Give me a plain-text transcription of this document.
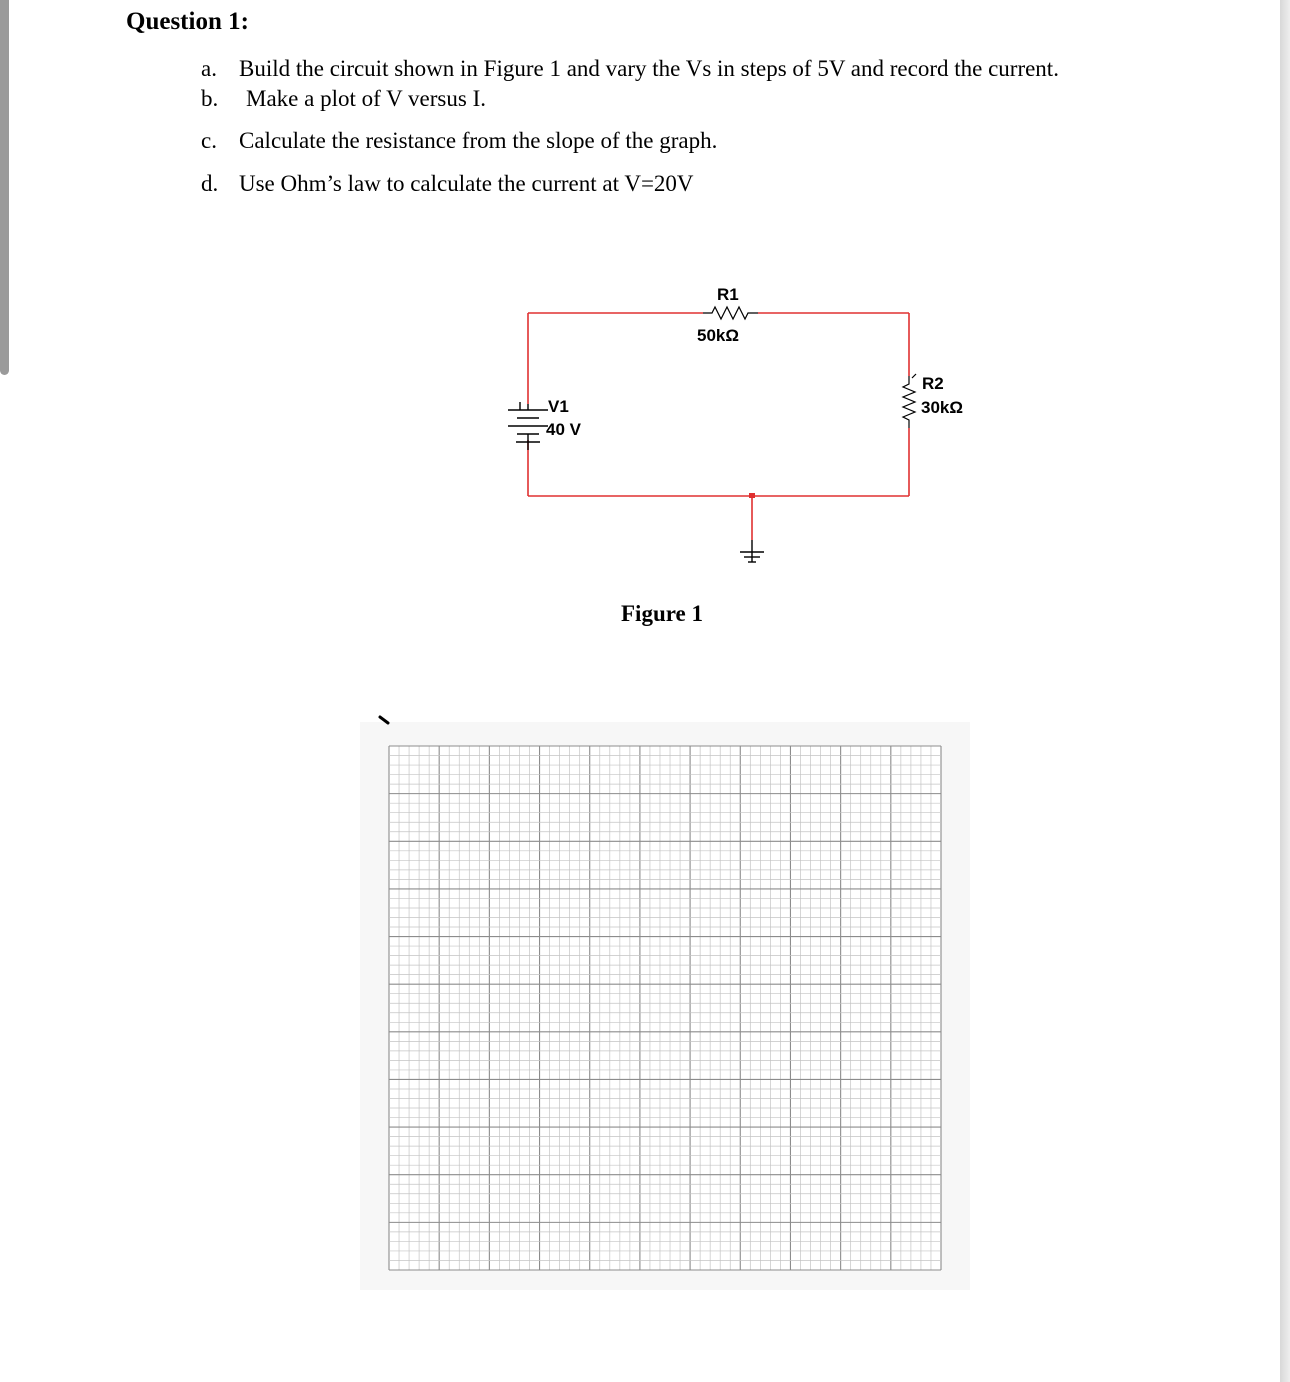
Question 1:
a. Build the circuit shown in Figure 1 and vary the Vs in steps of 5V and record the current.
b. Make a plot of V versus I.
c. Calculate the resistance from the slope of the graph.
d. Use Ohm’s law to calculate the current at V=20V
R1
50kΩ
R2
30kΩ
V1
40 V
Figure 1
